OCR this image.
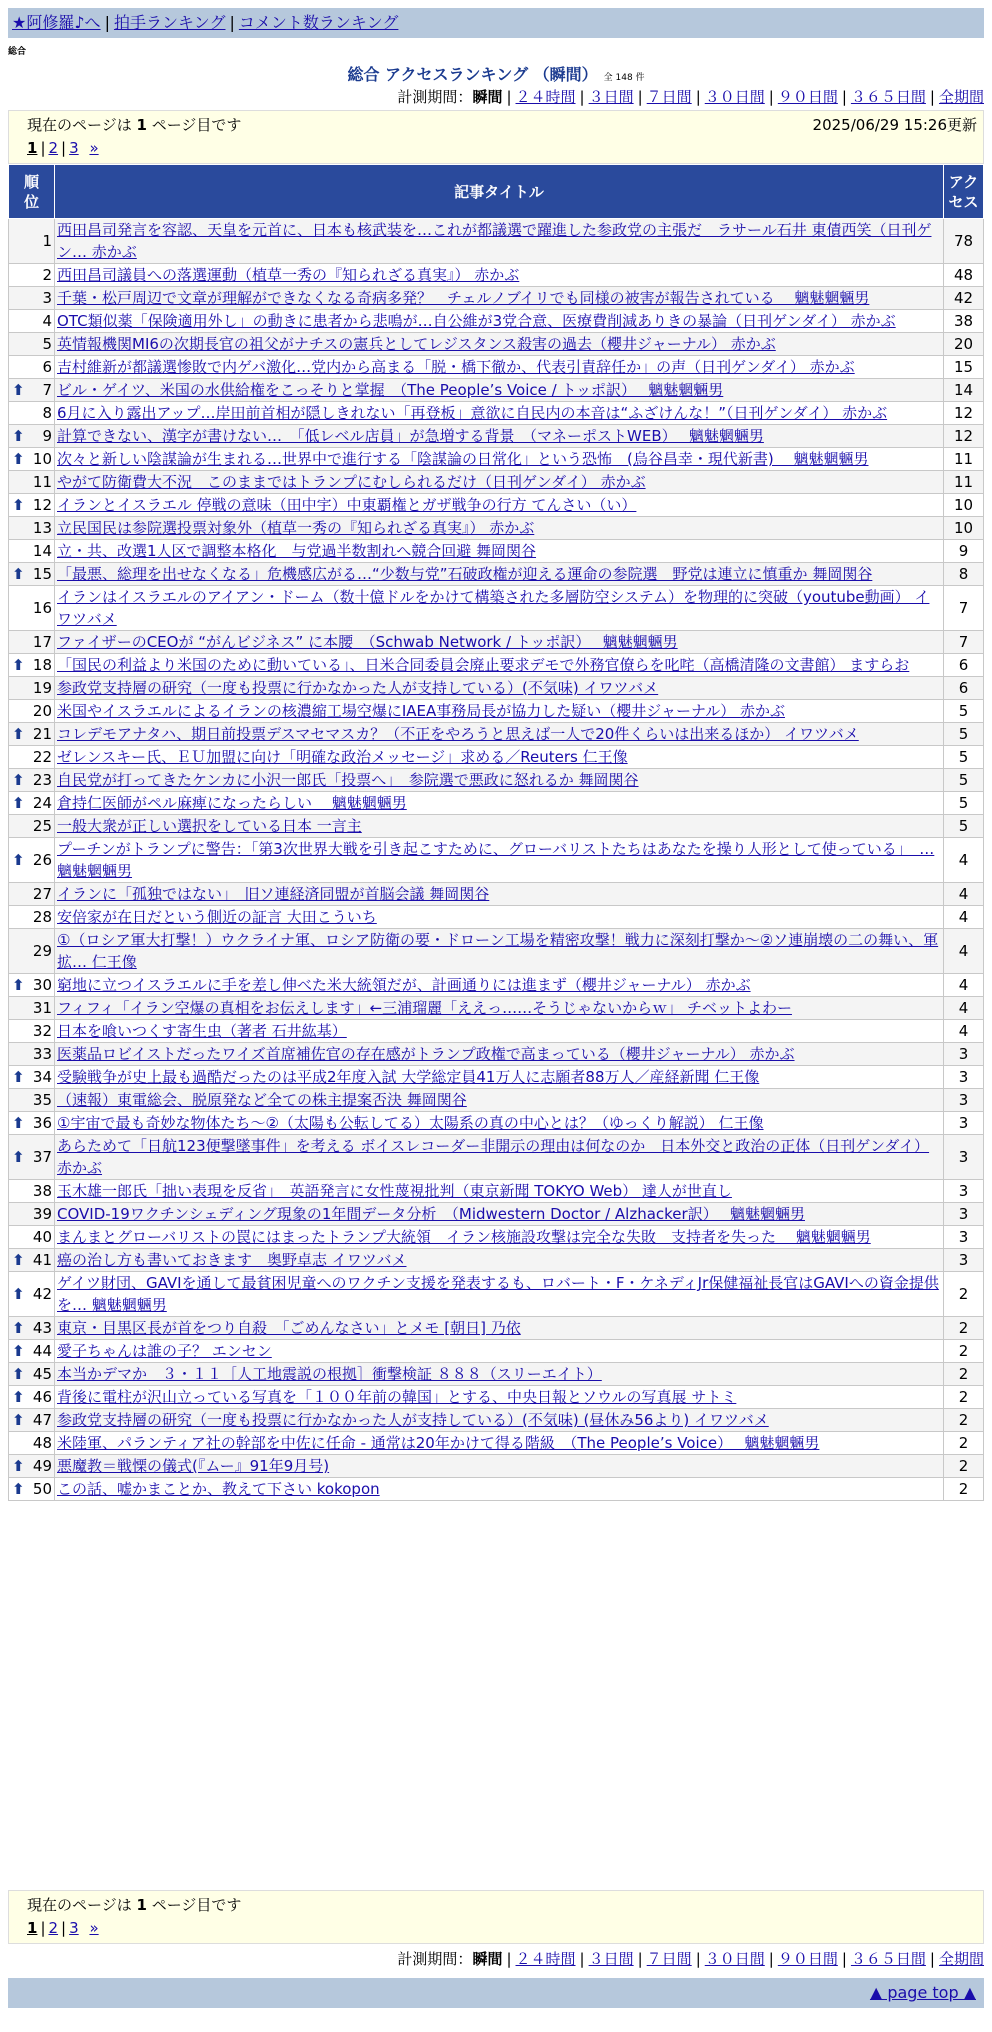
★阿修羅♪へ | 拍手ランキング | コメント数ランキング
総合
総合 アクセスランキング （瞬間） 全 148 件
計測期間：瞬間 | ２４時間 | ３日間 | ７日間 | ３０日間 | ９０日間 | ３６５日間 | 全期間
現在のページは 1 ページ目です	2025/06/29 15:26更新
1 | 2 | 3 »
順位	記事タイトル	アクセス
1	西田昌司発言を容認、天皇を元首に、日本も核武装を…これが都議選で躍進した参政党の主張だ　ラサール石井 東債西笑（日刊ゲン… 赤かぶ	78
2	西田昌司議員への落選運動（植草一秀の『知られざる真実』） 赤かぶ	48
3	千葉・松戸周辺で文章が理解ができなくなる奇病多発？　チェルノブイリでも同様の被害が報告されている　 魑魅魍魎男	42
4	OTC類似薬「保険適用外し」の動きに患者から悲鳴が…自公維が3党合意、医療費削減ありきの暴論（日刊ゲンダイ） 赤かぶ	38
5	英情報機関MI6の次期長官の祖父がナチスの憲兵としてレジスタンス殺害の過去（櫻井ジャーナル） 赤かぶ	20
6	吉村維新が都議選惨敗で内ゲバ激化…党内から高まる「脱・橋下徹か、代表引責辞任か」の声（日刊ゲンダイ） 赤かぶ	15

⬆ 7	ビル・ゲイツ、米国の水供給権をこっそりと掌握　（The People’s Voice / トッポ訳）　 魑魅魍魎男	14
8	6月に入り露出アップ…岸田前首相が隠しきれない「再登板」意欲に自民内の本音は“ふざけんな！”（日刊ゲンダイ） 赤かぶ	12

⬆ 9	計算できない、漢字が書けない…　「低レベル店員」が急増する背景　（マネーポストWEB）　 魑魅魍魎男	12

⬆ 10	次々と新しい陰謀論が生まれる…世界中で進行する「陰謀論の日常化」という恐怖　(烏谷昌幸・現代新書)　 魑魅魍魎男	11
11	やがて防衛費大不況　このままではトランプにむしられるだけ（日刊ゲンダイ） 赤かぶ	11

⬆ 12	イランとイスラエル 停戦の意味（田中宇）中東覇権とガザ戦争の行方 てんさい（い）	10
13	立民国民は参院選投票対象外（植草一秀の『知られざる真実』） 赤かぶ	10
14	立・共、改選1人区で調整本格化　与党過半数割れへ競合回避 舞岡関谷	9

⬆ 15	「最悪、総理を出せなくなる」危機感広がる…“少数与党”石破政権が迎える運命の参院選　野党は連立に慎重か 舞岡関谷	8
16	イランはイスラエルのアイアン・ドーム（数十億ドルをかけて構築された多層防空システム）を物理的に突破（youtube動画） イワツバメ	7
17	ファイザーのCEOが “がんビジネス” に本腰　（Schwab Network / トッポ訳）　 魑魅魍魎男	7

⬆ 18	「国民の利益より米国のために動いている」、日米合同委員会廃止要求デモで外務官僚らを叱咤（高橋清隆の文書館） ますらお	6
19	参政党支持層の研究（一度も投票に行かなかった人が支持している）(不気味) イワツバメ	6
20	米国やイスラエルによるイランの核濃縮工場空爆にIAEA事務局長が協力した疑い（櫻井ジャーナル） 赤かぶ	5

⬆ 21	コレデモアナタハ、期日前投票デスマセマスカ？（不正をやろうと思えば一人で20件くらいは出来るほか） イワツバメ	5
22	ゼレンスキー氏、ＥＵ加盟に向け「明確な政治メッセージ」求める／Reuters 仁王像	5

⬆ 23	自民党が打ってきたケンカに小沢一郎氏「投票へ」　参院選で悪政に怒れるか 舞岡関谷	5

⬆ 24	倉持仁医師がペル麻痺になったらしい　 魑魅魍魎男	5
25	一般大衆が正しい選択をしている日本 一言主	5

⬆ 26	プーチンがトランプに警告：「第3次世界大戦を引き起こすために、グローバリストたちはあなたを操り人形として使っている」　… 魑魅魍魎男	4
27	イランに「孤独ではない」　旧ソ連経済同盟が首脳会議 舞岡関谷	4
28	安倍家が在日だという側近の証言 大田こういち	4
29	①（ロシア軍大打撃！）ウクライナ軍、ロシア防衛の要・ドローン工場を精密攻撃！戦力に深刻打撃か～②ソ連崩壊の二の舞い、軍拡… 仁王像	4

⬆ 30	窮地に立つイスラエルに手を差し伸べた米大統領だが、計画通りには進まず（櫻井ジャーナル） 赤かぶ	4
31	フィフィ「イラン空爆の真相をお伝えします」←三浦瑠麗「ええっ……そうじゃないからｗ」 チベットよわー	4
32	日本を喰いつくす寄生虫（著者 石井紘基）	4
33	医薬品ロビイストだったワイズ首席補佐官の存在感がトランプ政権で高まっている（櫻井ジャーナル） 赤かぶ	3

⬆ 34	受験戦争が史上最も過酷だったのは平成2年度入試 大学総定員41万人に志願者88万人／産経新聞 仁王像	3
35	（速報）東電総会、脱原発など全ての株主提案否決 舞岡関谷	3

⬆ 36	①宇宙で最も奇妙な物体たち～②（太陽も公転してる）太陽系の真の中心とは？（ゆっくり解説） 仁王像	3

⬆ 37	あらためて「日航123便撃墜事件」を考える ボイスレコーダー非開示の理由は何なのか　日本外交と政治の正体（日刊ゲンダイ） 赤かぶ	3
38	玉木雄一郎氏「拙い表現を反省」　英語発言に女性蔑視批判（東京新聞 TOKYO Web） 達人が世直し	3
39	COVID-19ワクチンシェディング現象の1年間データ分析　（Midwestern Doctor / Alzhacker訳）　 魑魅魍魎男	3
40	まんまとグローバリストの罠にはまったトランプ大統領　イラン核施設攻撃は完全な失敗　支持者を失った　 魑魅魍魎男	3

⬆ 41	癌の治し方も書いておきます　奥野卓志 イワツバメ	3

⬆ 42	ゲイツ財団、GAVIを通して最貧困児童へのワクチン支援を発表するも、ロバート・F・ケネディJr保健福祉長官はGAVIへの資金提供を… 魑魅魍魎男	2

⬆ 43	東京・目黒区長が首をつり自殺　「ごめんなさい」とメモ [朝日] 乃依	2

⬆ 44	愛子ちゃんは誰の子？ エンセン	2

⬆ 45	本当かデマか　３・１１［人工地震説の根拠］衝撃検証 ８８８（スリーエイト）	2

⬆ 46	背後に電柱が沢山立っている写真を「１００年前の韓国」とする、中央日報とソウルの写真展 サトミ	2

⬆ 47	参政党支持層の研究（一度も投票に行かなかった人が支持している）(不気味) (昼休み56より) イワツバメ	2
48	米陸軍、パランティア社の幹部を中佐に任命 - 通常は20年かけて得る階級　（The People’s Voice）　 魑魅魍魎男	2

⬆ 49	悪魔教＝戦慄の儀式(『ムー』91年9月号)	2

⬆ 50	この話、嘘かまことか、教えて下さい kokopon	2
現在のページは 1 ページ目です
1 | 2 | 3 »
計測期間：瞬間 | ２４時間 | ３日間 | ７日間 | ３０日間 | ９０日間 | ３６５日間 | 全期間
▲ page top ▲
